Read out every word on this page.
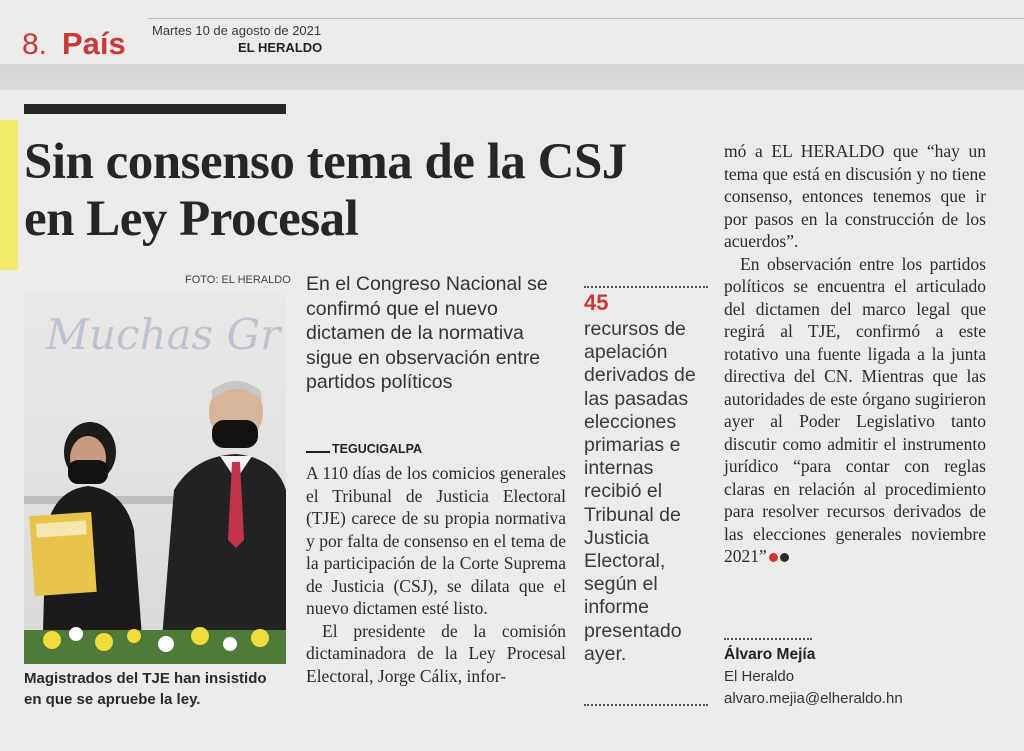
8. País Martes 10 de agosto de 2021
EL HERALDO
Sin consenso tema de la CSJ en Ley Procesal
FOTO: EL HERALDO
Muchas Gr
Magistrados del TJE han insistido en que se apruebe la ley.
En el Congreso Nacional se confirmó que el nuevo dictamen de la normativa sigue en observación entre partidos políticos
TEGUCIGALPA

A 110 días de los comicios generales el Tribunal de Justicia Electoral (TJE) carece de su propia normativa y por falta de consenso en el tema de la participación de la Corte Suprema de Justicia (CSJ), se dilata que el nuevo dictamen esté listo.

El presidente de la comisión dictaminadora de la Ley Procesal Electoral, Jorge Cálix, infor-

45
recursos de apelación derivados de las pasadas elecciones primarias e internas recibió el Tribunal de Justicia Electoral, según el informe presentado ayer.

mó a EL HERALDO que “hay un tema que está en discusión y no tiene consenso, entonces tenemos que ir por pasos en la construcción de los acuerdos”.

En observación entre los partidos políticos se encuentra el articulado del dictamen del marco legal que regirá al TJE, confirmó a este rotativo una fuente ligada a la junta directiva del CN. Mientras que las autoridades de este órgano sugirieron ayer al Poder Legislativo tanto discutir como admitir el instrumento jurídico “para contar con reglas claras en relación al procedimiento para resolver recursos derivados de las elecciones generales noviembre 2021”

Álvaro Mejía
El Heraldo
alvaro.mejia@elheraldo.hn
